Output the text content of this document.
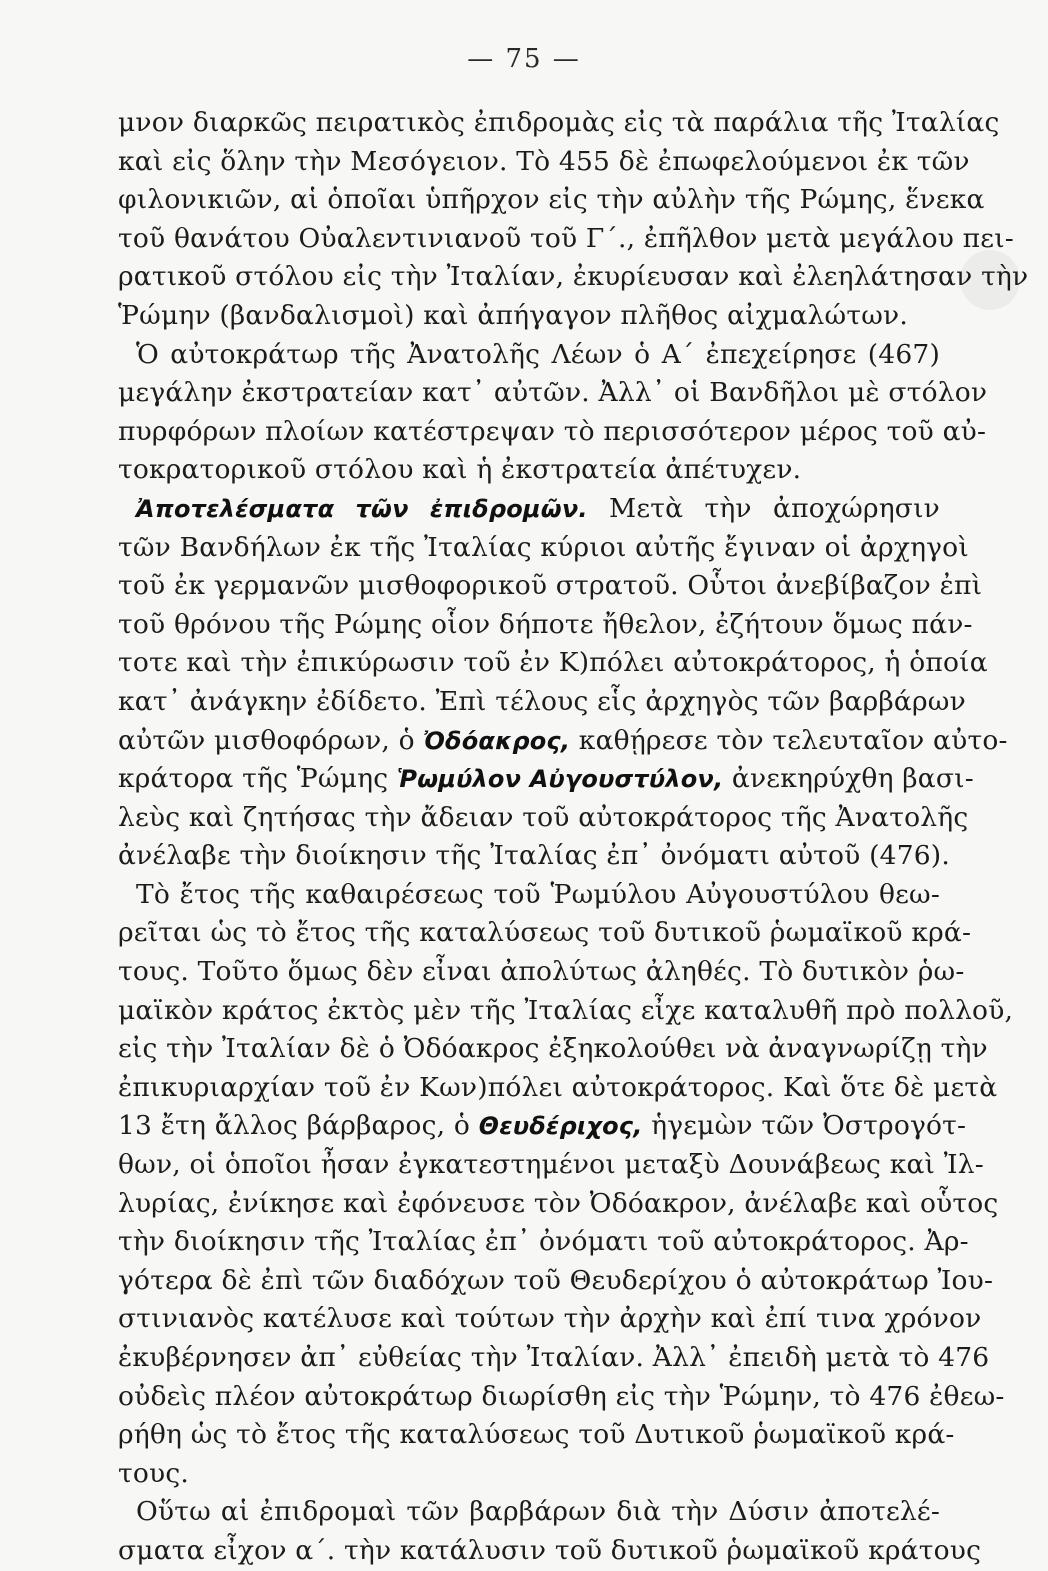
— 75 —
μνον διαρκῶς πειρατικὸς ἐπιδρομὰς εἰς τὰ παράλια τῆς Ἰταλίας
καὶ εἰς ὅλην τὴν Μεσόγειον. Τὸ 455 δὲ ἐπωφελούμενοι ἐκ τῶν
φιλονικιῶν, αἱ ὁποῖαι ὑπῆρχον εἰς τὴν αὐλὴν τῆς Ρώμης, ἕνεκα
τοῦ θανάτου Οὐαλεντινιανοῦ τοῦ Γ΄., ἐπῆλθον μετὰ μεγάλου πει-
ρατικοῦ στόλου εἰς τὴν Ἰταλίαν, ἐκυρίευσαν καὶ ἐλεηλάτησαν τὴν
Ῥώμην (βανδαλισμοὶ) καὶ ἀπήγαγον πλῆθος αἰχμαλώτων.
Ὁ αὐτοκράτωρ τῆς Ἀνατολῆς Λέων ὁ Α΄ ἐπεχείρησε (467)
μεγάλην ἐκστρατείαν κατ᾽ αὐτῶν. Ἀλλ᾽ οἱ Βανδῆλοι μὲ στόλον
πυρφόρων πλοίων κατέστρεψαν τὸ περισσότερον μέρος τοῦ αὐ-
τοκρατορικοῦ στόλου καὶ ἡ ἐκστρατεία ἀπέτυχεν.
Ἀποτελέσματα τῶν ἐπιδρομῶν. Μετὰ τὴν ἀποχώρησιν
τῶν Βανδήλων ἐκ τῆς Ἰταλίας κύριοι αὐτῆς ἔγιναν οἱ ἀρχηγοὶ
τοῦ ἐκ γερμανῶν μισθοφορικοῦ στρατοῦ. Οὗτοι ἀνεβίβαζον ἐπὶ
τοῦ θρόνου τῆς Ρώμης οἷον δήποτε ἤθελον, ἐζήτουν ὅμως πάν-
τοτε καὶ τὴν ἐπικύρωσιν τοῦ ἐν Κ)πόλει αὐτοκράτορος, ἡ ὁποία
κατ᾽ ἀνάγκην ἐδίδετο. Ἐπὶ τέλους εἷς ἀρχηγὸς τῶν βαρβάρων
αὐτῶν μισθοφόρων, ὁ Ὀδόακρος, καθῄρεσε τὸν τελευταῖον αὐτο-
κράτορα τῆς Ῥώμης Ῥωμύλον Αὐγουστύλον, ἀνεκηρύχθη βασι-
λεὺς καὶ ζητήσας τὴν ἄδειαν τοῦ αὐτοκράτορος τῆς Ἀνατολῆς
ἀνέλαβε τὴν διοίκησιν τῆς Ἰταλίας ἐπ᾽ ὀνόματι αὐτοῦ (476).
Τὸ ἔτος τῆς καθαιρέσεως τοῦ Ῥωμύλου Αὐγουστύλου θεω-
ρεῖται ὡς τὸ ἔτος τῆς καταλύσεως τοῦ δυτικοῦ ῥωμαϊκοῦ κρά-
τους. Τοῦτο ὅμως δὲν εἶναι ἀπολύτως ἀληθές. Τὸ δυτικὸν ῥω-
μαϊκὸν κράτος ἐκτὸς μὲν τῆς Ἰταλίας εἶχε καταλυθῆ πρὸ πολλοῦ,
εἰς τὴν Ἰταλίαν δὲ ὁ Ὀδόακρος ἐξηκολούθει νὰ ἀναγνωρίζῃ τὴν
ἐπικυριαρχίαν τοῦ ἐν Κων)πόλει αὐτοκράτορος. Καὶ ὅτε δὲ μετὰ
13 ἔτη ἄλλος βάρβαρος, ὁ Θευδέριχος, ἡγεμὼν τῶν Ὀστρογότ-
θων, οἱ ὁποῖοι ἦσαν ἐγκατεστημένοι μεταξὺ Δουνάβεως καὶ Ἰλ-
λυρίας, ἐνίκησε καὶ ἐφόνευσε τὸν Ὀδόακρον, ἀνέλαβε καὶ οὗτος
τὴν διοίκησιν τῆς Ἰταλίας ἐπ᾽ ὀνόματι τοῦ αὐτοκράτορος. Ἀρ-
γότερα δὲ ἐπὶ τῶν διαδόχων τοῦ Θευδερίχου ὁ αὐτοκράτωρ Ἰου-
στινιανὸς κατέλυσε καὶ τούτων τὴν ἀρχὴν καὶ ἐπί τινα χρόνον
ἐκυβέρνησεν ἀπ᾽ εὐθείας τὴν Ἰταλίαν. Ἀλλ᾽ ἐπειδὴ μετὰ τὸ 476
οὐδεὶς πλέον αὐτοκράτωρ διωρίσθη εἰς τὴν Ῥώμην, τὸ 476 ἐθεω-
ρήθη ὡς τὸ ἔτος τῆς καταλύσεως τοῦ Δυτικοῦ ῥωμαϊκοῦ κρά-
τους.
Οὕτω αἱ ἐπιδρομαὶ τῶν βαρβάρων διὰ τὴν Δύσιν ἀποτελέ-
σματα εἶχον α΄. τὴν κατάλυσιν τοῦ δυτικοῦ ῥωμαϊκοῦ κράτους
